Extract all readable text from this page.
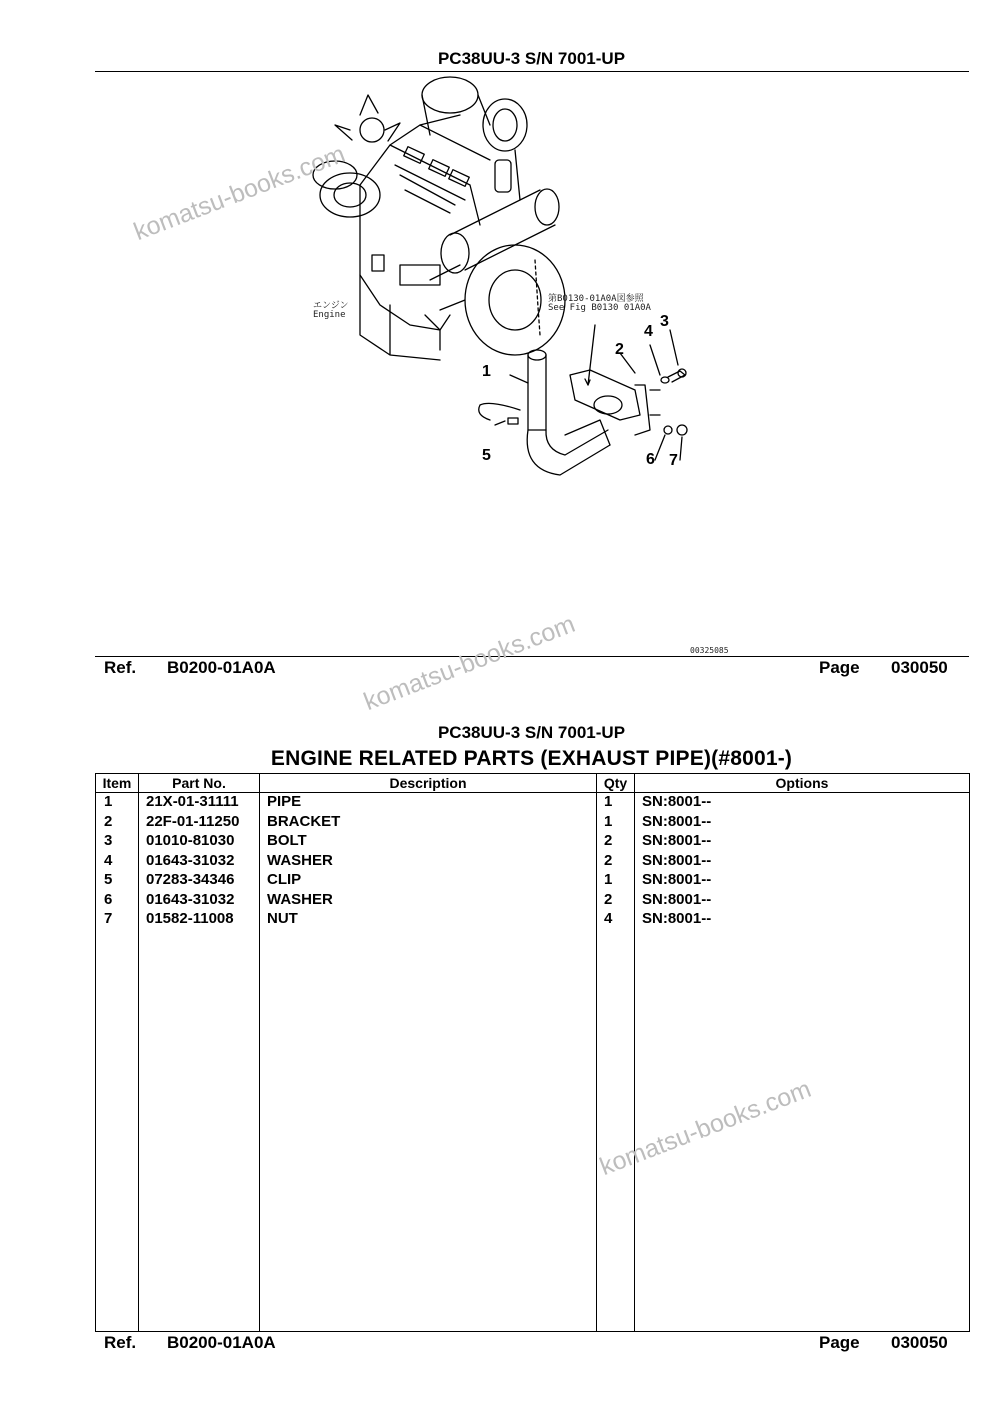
PC38UU-3 S/N 7001-UP
エンジン
Engine
第B0130-01A0A図参照
See Fig B0130 01A0A
1
2
3
4
5	6 7
00325085
Ref. B0200-01A0A	Page 030050
PC38UU-3 S/N 7001-UP
ENGINE RELATED PARTS (EXHAUST PIPE)(#8001-)
Item	Part No.	Description	Qty	Options
1	21X-01-31111	PIPE	1	SN:8001--
2	22F-01-11250	BRACKET	1	SN:8001--
3	01010-81030	BOLT	2	SN:8001--
4	01643-31032	WASHER	2	SN:8001--
5	07283-34346	CLIP	1	SN:8001--
6	01643-31032	WASHER	2	SN:8001--
7	01582-11008	NUT	4	SN:8001--

Ref. B0200-01A0A	Page 030050
komatsu-books.com
komatsu-books.com
komatsu-books.com
